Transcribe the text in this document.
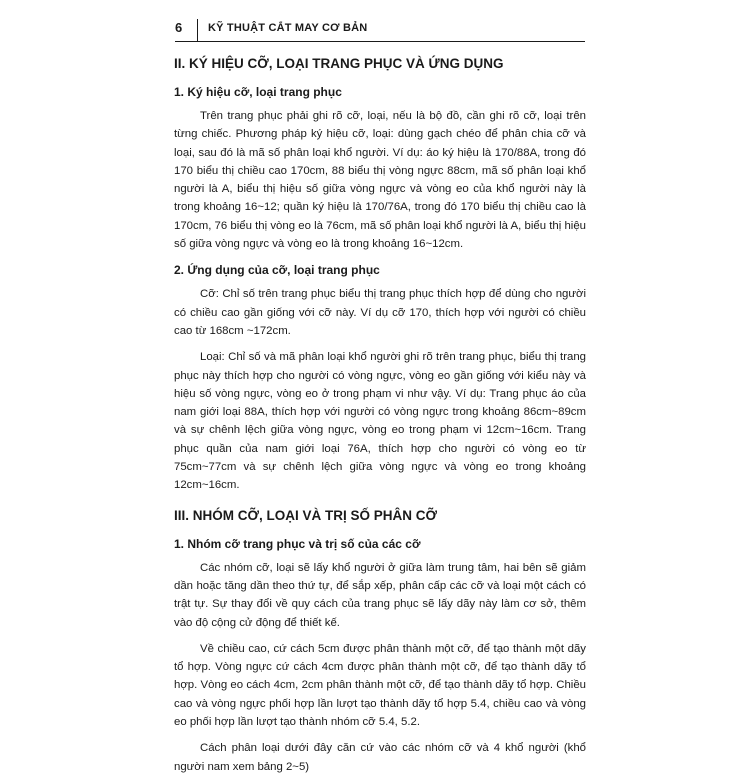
6 KỸ THUẬT CẮT MAY CƠ BẢN
II. KÝ HIỆU CỠ, LOẠI TRANG PHỤC VÀ ỨNG DỤNG
1. Ký hiệu cỡ, loại trang phục

Trên trang phục phải ghi rõ cỡ, loại, nếu là bộ đồ, cần ghi rõ cỡ, loại trên từng chiếc. Phương pháp ký hiệu cỡ, loại: dùng gạch chéo để phân chia cỡ và loại, sau đó là mã số phân loại khổ người. Ví dụ: áo ký hiệu là 170/88A, trong đó 170 biểu thị chiều cao 170cm, 88 biểu thị vòng ngực 88cm, mã số phân loại khổ người là A, biểu thị hiệu số giữa vòng ngực và vòng eo của khổ người này là trong khoảng 16~12; quần ký hiệu là 170/76A, trong đó 170 biểu thị chiều cao là 170cm, 76 biểu thị vòng eo là 76cm, mã số phân loại khổ người là A, biểu thị hiệu số giữa vòng ngực và vòng eo là trong khoảng 16~12cm.

2. Ứng dụng của cỡ, loại trang phục

Cỡ: Chỉ số trên trang phục biểu thị trang phục thích hợp để dùng cho người có chiều cao gần giống với cỡ này. Ví dụ cỡ 170, thích hợp với người có chiều cao từ 168cm ~172cm.

Loại: Chỉ số và mã phân loại khổ người ghi rõ trên trang phục, biểu thị trang phục này thích hợp cho người có vòng ngực, vòng eo gần giống với kiểu này và hiệu số vòng ngực, vòng eo ở trong phạm vi như vậy. Ví dụ: Trang phục áo của nam giới loại 88A, thích hợp với người có vòng ngực trong khoảng 86cm~89cm và sự chênh lệch giữa vòng ngực, vòng eo trong phạm vi 12cm~16cm. Trang phục quần của nam giới loại 76A, thích hợp cho người có vòng eo từ 75cm~77cm và sự chênh lệch giữa vòng ngực và vòng eo trong khoảng 12cm~16cm.

III. NHÓM CỠ, LOẠI VÀ TRỊ SỐ PHÂN CỠ
1. Nhóm cỡ trang phục và trị số của các cỡ

Các nhóm cỡ, loại sẽ lấy khổ người ở giữa làm trung tâm, hai bên sẽ giảm dần hoặc tăng dần theo thứ tự, để sắp xếp, phân cấp các cỡ và loại một cách có trật tự. Sự thay đổi về quy cách của trang phục sẽ lấy dãy này làm cơ sở, thêm vào độ cộng cử động để thiết kế.

Về chiều cao, cứ cách 5cm được phân thành một cỡ, để tạo thành một dãy tổ hợp. Vòng ngực cứ cách 4cm được phân thành một cỡ, để tạo thành dãy tổ hợp. Vòng eo cách 4cm, 2cm phân thành một cỡ, để tạo thành dãy tổ hợp. Chiều cao và vòng ngực phối hợp lần lượt tạo thành dãy tổ hợp 5.4, chiều cao và vòng eo phối hợp lần lượt tạo thành nhóm cỡ 5.4, 5.2.

Cách phân loại dưới đây căn cứ vào các nhóm cỡ và 4 khổ người (khổ người nam xem bảng 2~5)
